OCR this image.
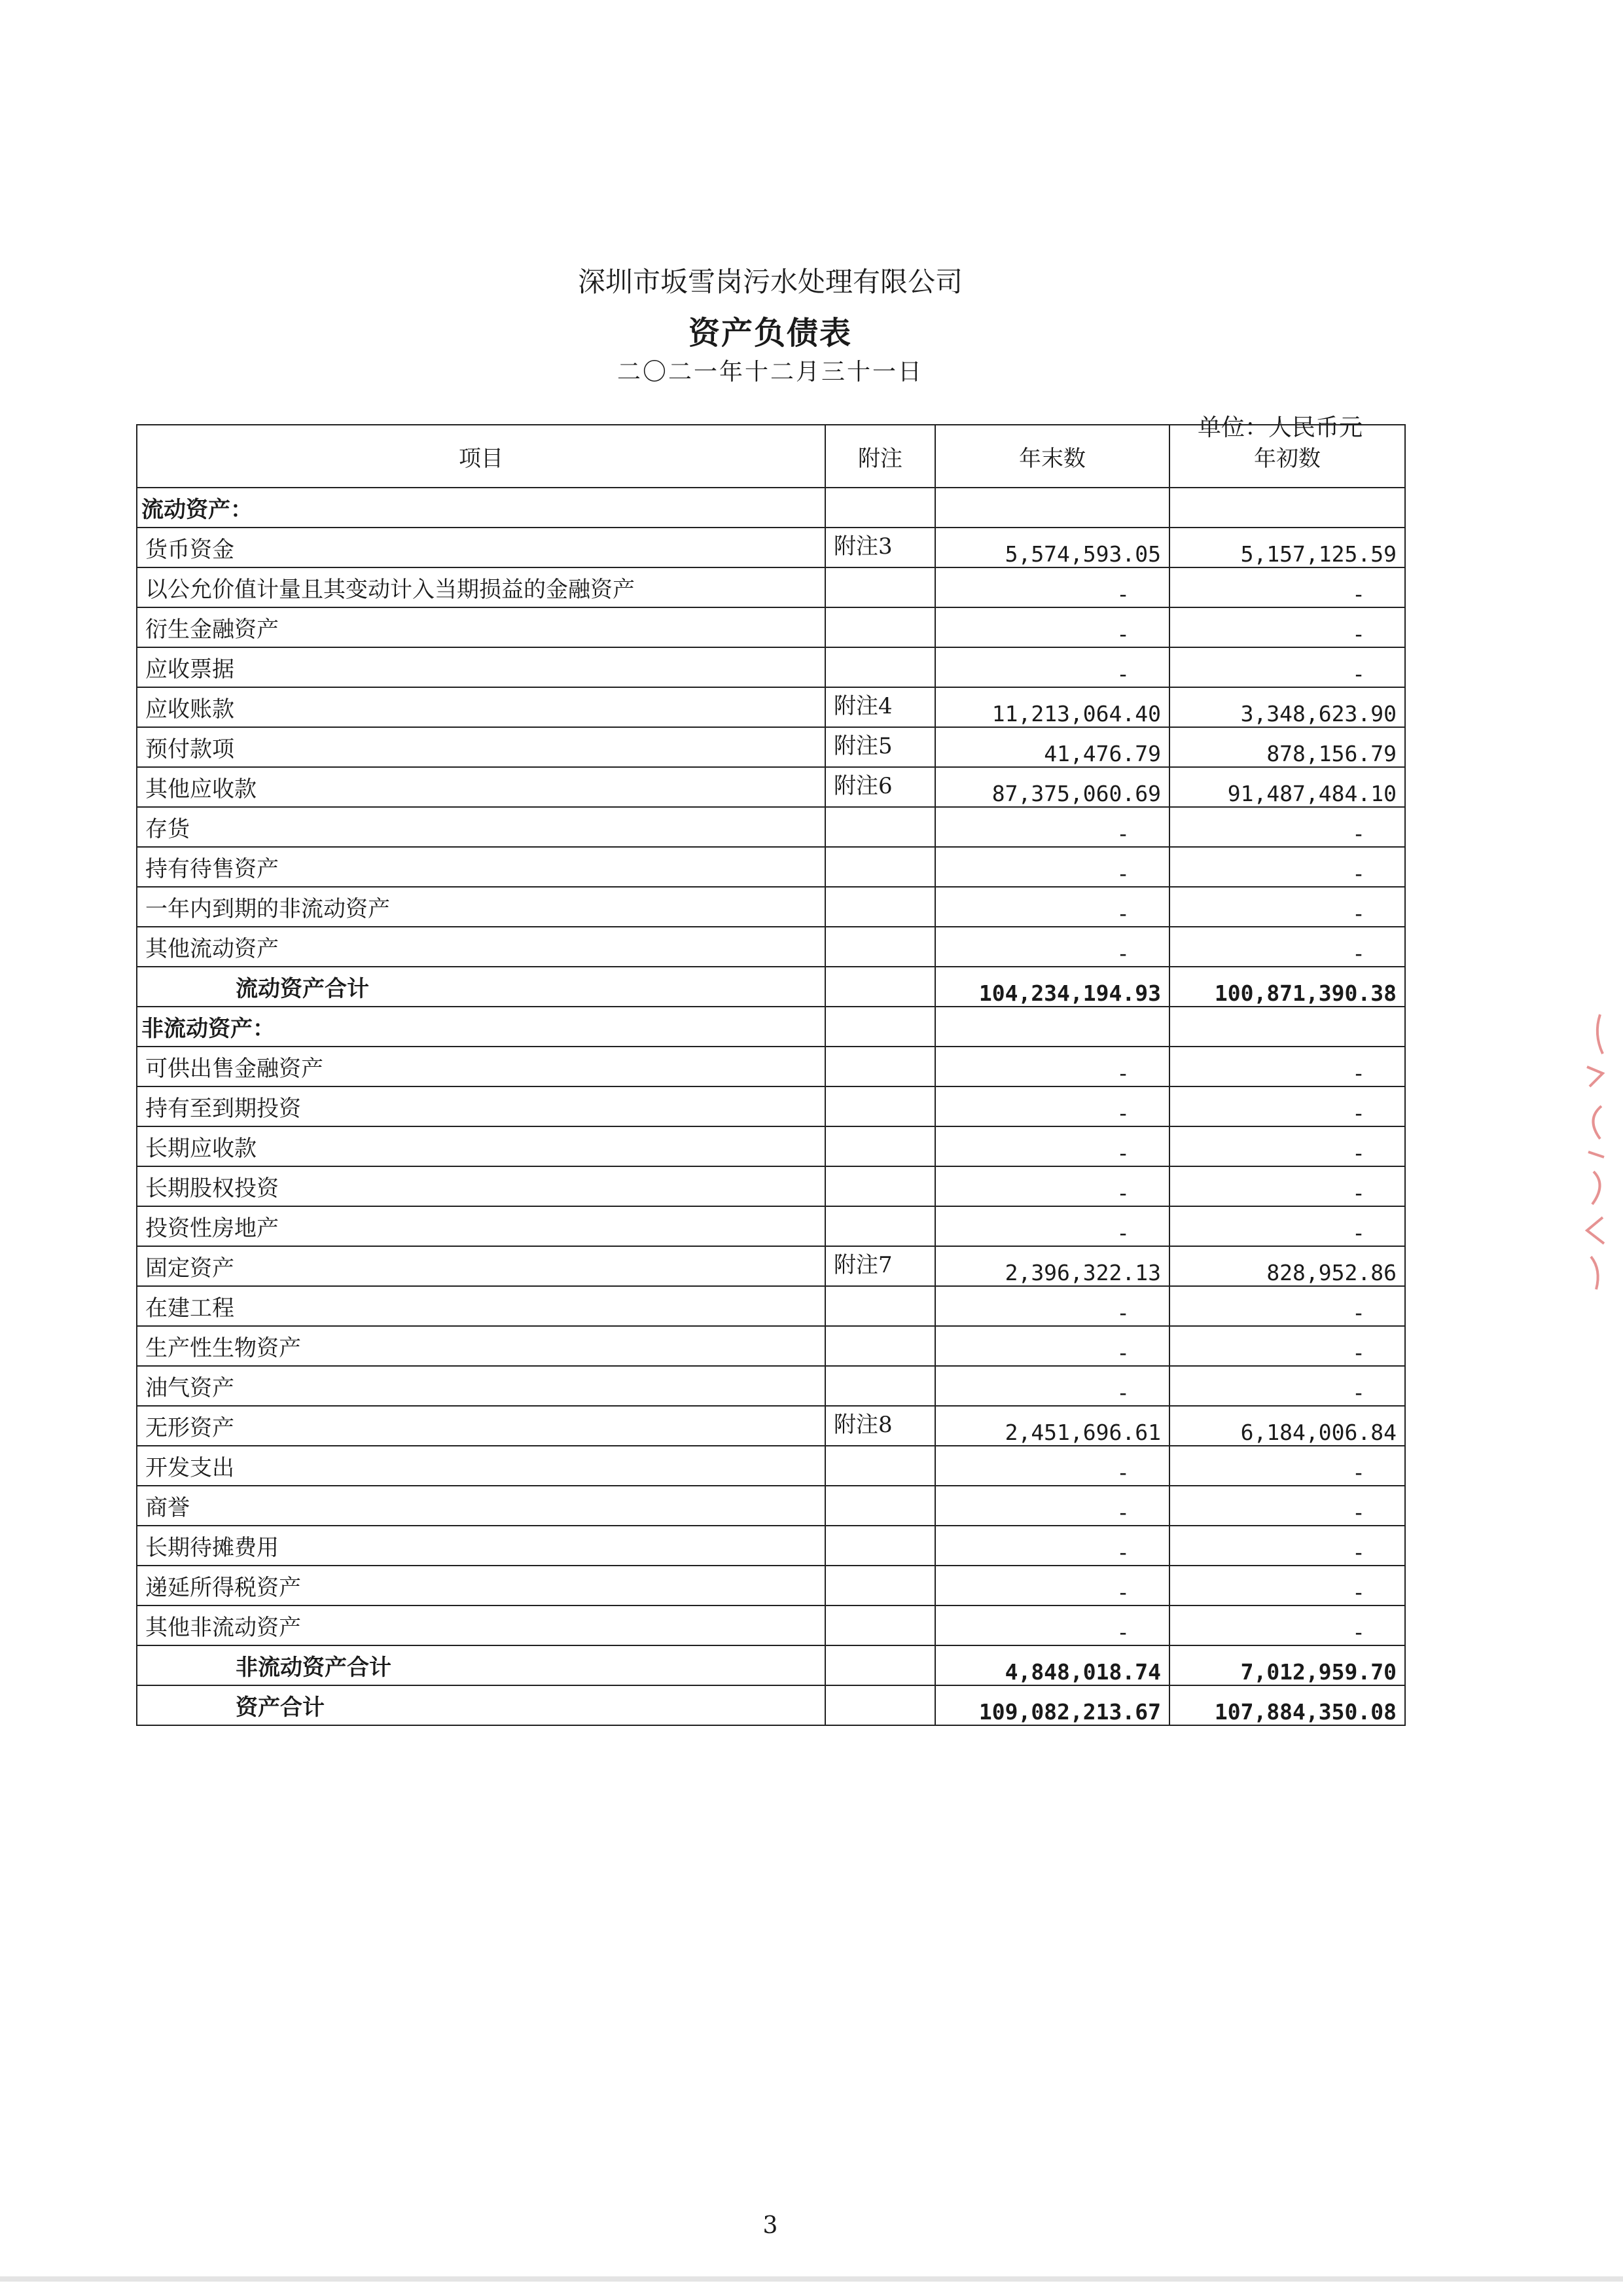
深圳市坂雪岗污水处理有限公司
资产负债表
二〇二一年十二月三十一日
单位：人民币元
项目	附注	年末数	年初数
流动资产：			
货币资金	附注3	5,574,593.05	5,157,125.59
以公允价值计量且其变动计入当期损益的金融资产		-	-
衍生金融资产		-	-
应收票据		-	-
应收账款	附注4	11,213,064.40	3,348,623.90
预付款项	附注5	41,476.79	878,156.79
其他应收款	附注6	87,375,060.69	91,487,484.10
存货		-	-
持有待售资产		-	-
一年内到期的非流动资产		-	-
其他流动资产		-	-
流动资产合计		104,234,194.93	100,871,390.38
非流动资产：			
可供出售金融资产		-	-
持有至到期投资		-	-
长期应收款		-	-
长期股权投资		-	-
投资性房地产		-	-
固定资产	附注7	2,396,322.13	828,952.86
在建工程		-	-
生产性生物资产		-	-
油气资产		-	-
无形资产	附注8	2,451,696.61	6,184,006.84
开发支出		-	-
商誉		-	-
长期待摊费用		-	-
递延所得税资产		-	-
其他非流动资产		-	-
非流动资产合计		4,848,018.74	7,012,959.70
资产合计		109,082,213.67	107,884,350.08
3
